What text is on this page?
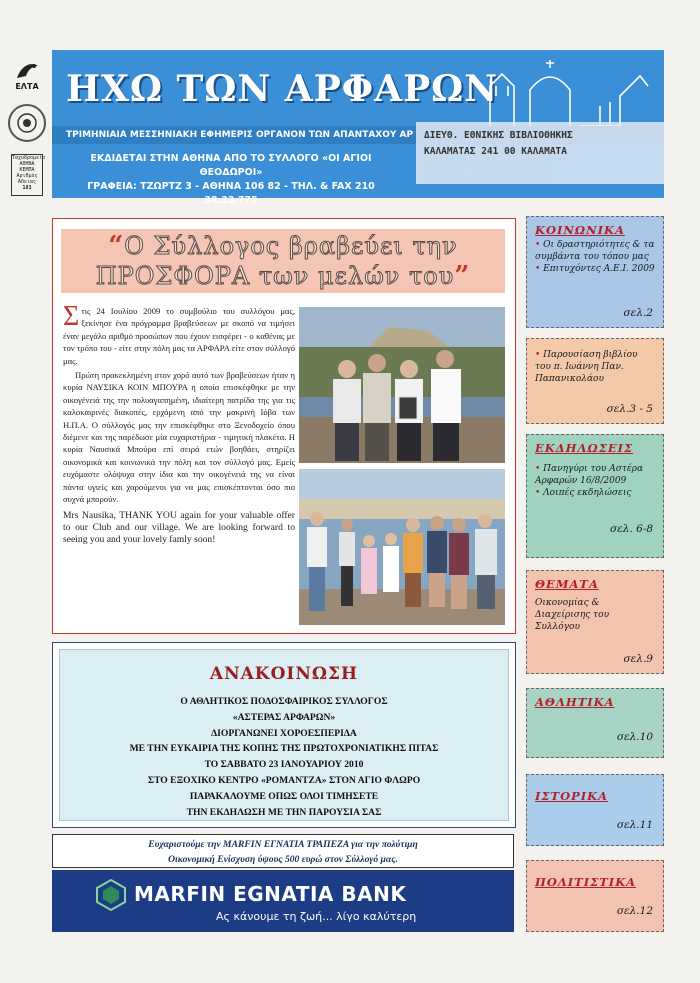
ΕΛΤΑ
Ταχυδρομείο
ΑΘΗΝΑ
ΚΕΜΠΑ
Αριθμός
Άδειας
183
ΗΧΩ ΤΩΝ ΑΡΦΑΡΩΝ
ΤΡΙΜΗΝΙΑΙΑ ΜΕΣΣΗΝΙΑΚΗ ΕΦΗΜΕΡΙΣ ΟΡΓΑΝΟΝ ΤΩΝ ΑΠΑΝΤΑΧΟΥ ΑΡ
ΕΚΔΙΔΕΤΑΙ ΣΤΗΝ ΑΘΗΝΑ ΑΠΟ ΤΟ ΣΥΛΛΟΓΟ «ΟΙ ΑΓΙΟΙ ΘΕΟΔΩΡΟΙ»
ΓΡΑΦΕΙΑ: ΤΖΩΡΤΖ 3 - ΑΘΗΝΑ 106 82 - ΤΗΛ. & FAX 210 38.33.775
ΔΙΕΥΘ. ΕΘΝΙΚΗΣ ΒΙΒΛΙΟΘΗΚΗΣ
ΚΑΛΑΜΑΤΑΣ 241 00 ΚΑΛΑΜΑΤΑ
ΕΤΟΣ 40ον • ΑΡ. ΦΥΛΛΟΥ 229
ΙΟΥΛΙΟΣ - ΣΕΠΤΕΜΒΡΙΟΣ 2009
“Ο Σύλλογος βραβεύει την
ΠΡΟΣΦΟΡΑ των μελών του”

Στις 24 Ιουλίου 2009 το συμβούλιο του συλλόγου μας, ξεκίνησε ένα πρόγραμμα βραβεύσεων με σκοπό να τιμήσει έναν μεγάλο αριθμό προσώπων που έχουν εισφέρει - ο καθένας με τον τρόπο του - είτε στην πόλη μας τα ΑΡΦΑΡΑ είτε στον σύλλογό μας.

Πρώτη πρακεκλημένη στον χορό αυτό των βραβεύσεων ήταν η κυρία ΝΑΥΣΙΚΑ ΚΟΙΝ ΜΠΟΥΡΑ η οποία επισκέφθηκε με την οικογένειά της την πολυαγαπημένη, ιδιαίτερη πατρίδα της για τις καλοκαιρινές διακοπές, ερχόμενη από την μακρινή Ιόβα των Η.Π.Α. Ο σύλλογός μας την επισκέφθηκε στο Ξενοδοχείο όπου διέμενε και της παρέδωσε μία ευχαριστήρια - τιμητική πλακέτα. Η κυρία Ναυσικά Μπούρα επί σειρά ετών βοηθάει, στηρίζει οικονομικά και κοινωνικά την πόλη και τον σύλλογό μας. Εμείς ευχόμαστε ολόψυχα στην ίδια και την οικογένειά της να είναι πάντα υγιείς και χαρούμενοι για να μας επισκέπτονται όσο πιο συχνά μπορούν.

Mrs Nausika, THANK YOU again for your valuable offer to our Club and our village. We are looking forward to seeing you and your lovely famly soon!
ΑΝΑΚΟΙΝΩΣΗ
Ο ΑΘΛΗΤΙΚΟΣ ΠΟΔΟΣΦΑΙΡΙΚΟΣ ΣΥΛΛΟΓΟΣ
«ΑΣΤΕΡΑΣ ΑΡΦΑΡΩΝ»
ΔΙΟΡΓΑΝΩΝΕΙ ΧΟΡΟΕΣΠΕΡΙΔΑ
ΜΕ ΤΗΝ ΕΥΚΑΙΡΙΑ ΤΗΣ ΚΟΠΗΣ ΤΗΣ ΠΡΩΤΟΧΡΟΝΙΑΤΙΚΗΣ ΠΙΤΑΣ
ΤΟ ΣΑΒΒΑΤΟ 23 ΙΑΝΟΥΑΡΙΟΥ 2010
ΣΤΟ ΕΞΟΧΙΚΟ ΚΕΝΤΡΟ «ΡΟΜΑΝΤΖΑ» ΣΤΟΝ ΑΓΙΟ ΦΛΩΡΟ
ΠΑΡΑΚΑΛΟΥΜΕ ΟΠΩΣ ΟΛΟΙ ΤΙΜΗΣΕΤΕ
ΤΗΝ ΕΚΔΗΛΩΣΗ ΜΕ ΤΗΝ ΠΑΡΟΥΣΙΑ ΣΑΣ
Ευχαριστούμε την MARFIN ΕΓΝΑΤΙΑ ΤΡΑΠΕΖΑ για την πολύτιμη
Οικονομική Ενίσχυση ύψους 500 ευρώ στον Σύλλογό μας.
MARFIN EGNATIA BANK
Ας κάνουμε τη ζωή... λίγο καλύτερη
ΚΟΙΝΩΝΙΚΑ
• Οι δραστηριότητες & τα συμβάντα του τόπου μας
• Επιτυχόντες Α.Ε.Ι. 2009
σελ.2
• Παρουσίαση βιβλίου του π. Ιωάννη Παν. Παπανικολάου
σελ.3 - 5
ΕΚΔΗΛΩΣΕΙΣ
• Πανηγύρι του Αστέρα Αρφαρών 16/8/2009
• Λοιπές εκδηλώσεις
σελ. 6-8
ΘΕΜΑΤΑ
Οικονομίας & Διαχείρισης του Συλλόγου
σελ.9
ΑΘΛΗΤΙΚΑ
σελ.10
ΙΣΤΟΡΙΚΑ
σελ.11
ΠΟΛΙΤΙΣΤΙΚΑ
σελ.12
